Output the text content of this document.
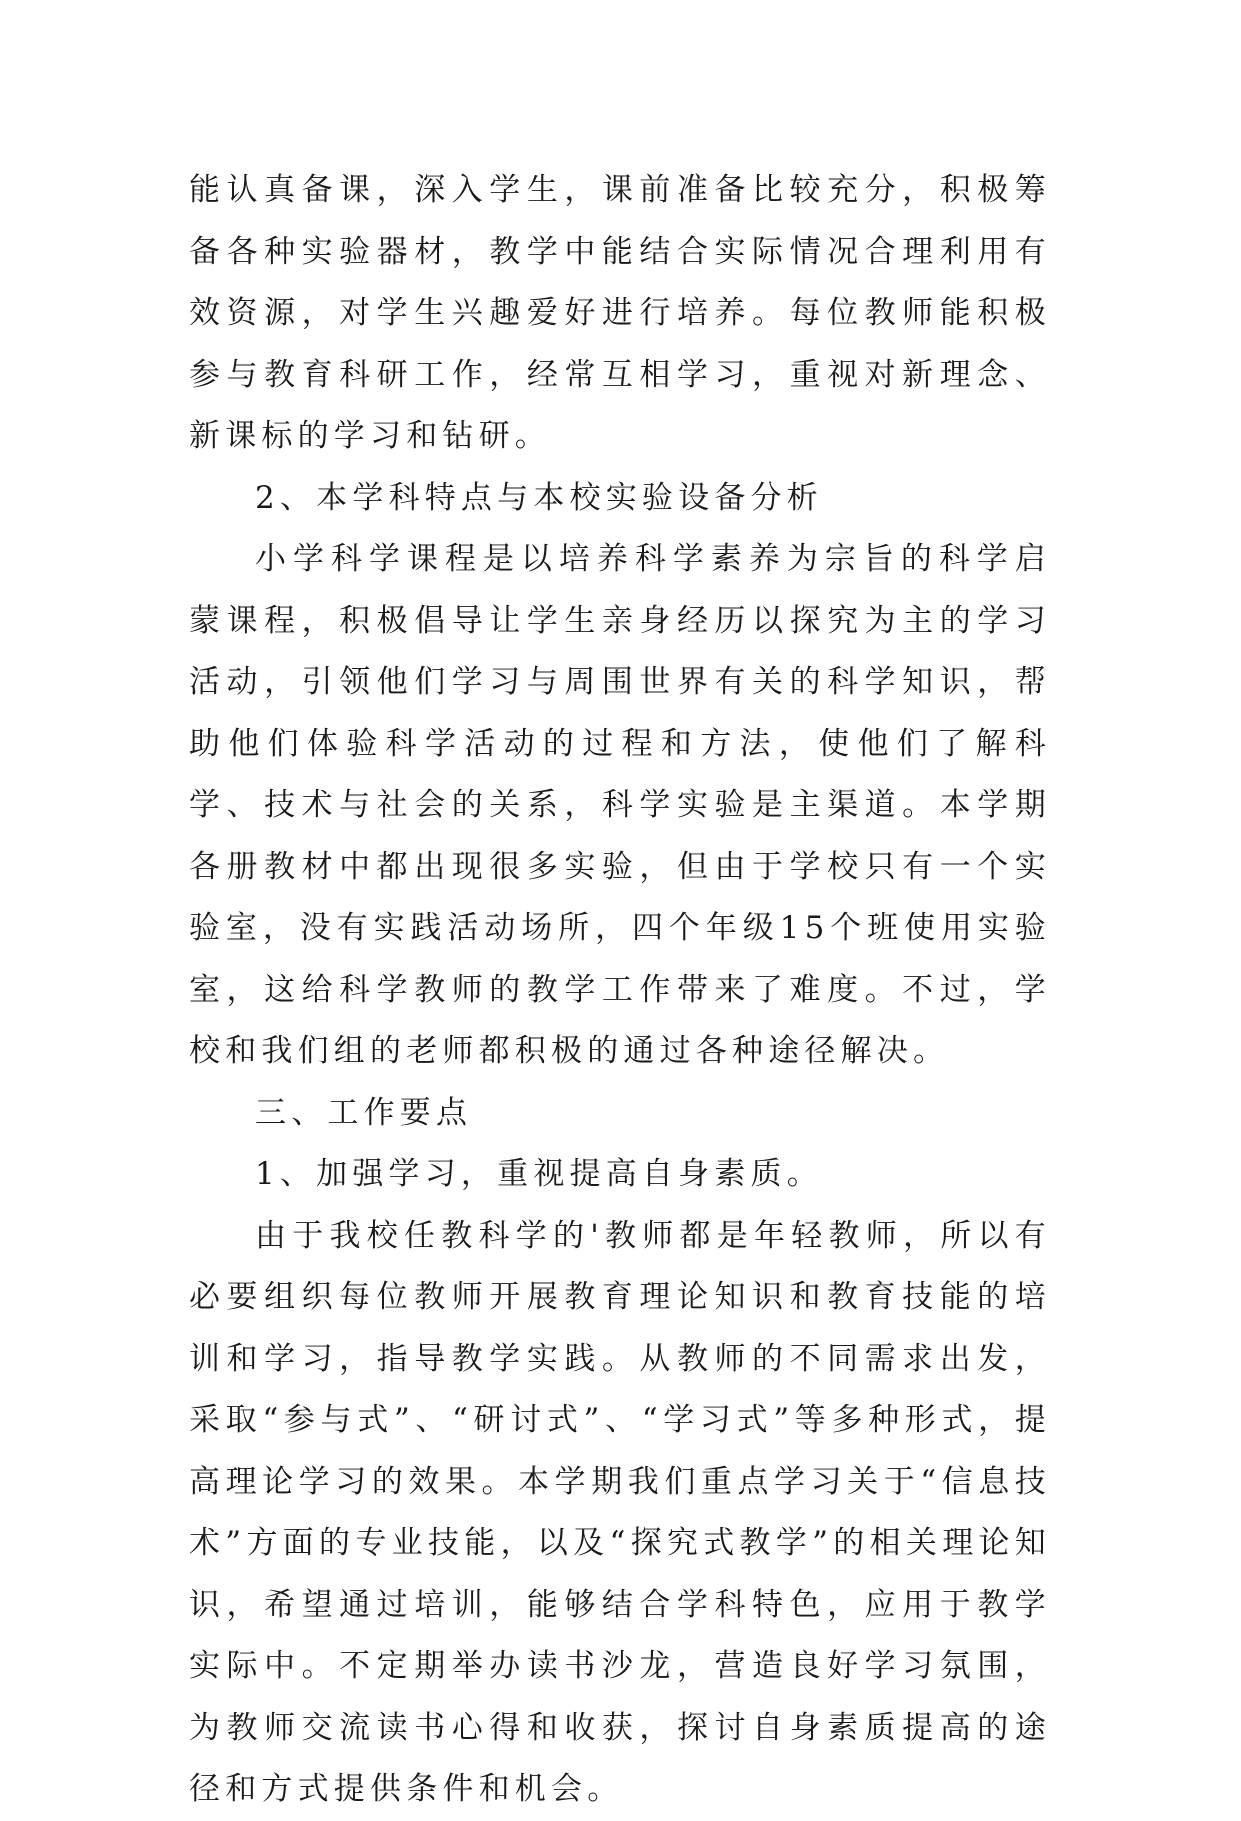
能认真备课，深入学生，课前准备比较充分，积极筹备各种实验器材，教学中能结合实际情况合理利用有效资源，对学生兴趣爱好进行培养。每位教师能积极参与教育科研工作，经常互相学习，重视对新理念、新课标的学习和钻研。

2、本学科特点与本校实验设备分析

小学科学课程是以培养科学素养为宗旨的科学启蒙课程，积极倡导让学生亲身经历以探究为主的学习活动，引领他们学习与周围世界有关的科学知识，帮助他们体验科学活动的过程和方法，使他们了解科学、技术与社会的关系，科学实验是主渠道。本学期各册教材中都出现很多实验，但由于学校只有一个实验室，没有实践活动场所，四个年级15个班使用实验室，这给科学教师的教学工作带来了难度。不过，学校和我们组的老师都积极的通过各种途径解决。

三、工作要点

1、加强学习，重视提高自身素质。

由于我校任教科学的'教师都是年轻教师，所以有必要组织每位教师开展教育理论知识和教育技能的培训和学习，指导教学实践。从教师的不同需求出发，采取“参与式”、“研讨式”、“学习式”等多种形式，提高理论学习的效果。本学期我们重点学习关于“信息技术”方面的专业技能，以及“探究式教学”的相关理论知识，希望通过培训，能够结合学科特色，应用于教学实际中。不定期举办读书沙龙，营造良好学习氛围，为教师交流读书心得和收获，探讨自身素质提高的途径和方式提供条件和机会。
